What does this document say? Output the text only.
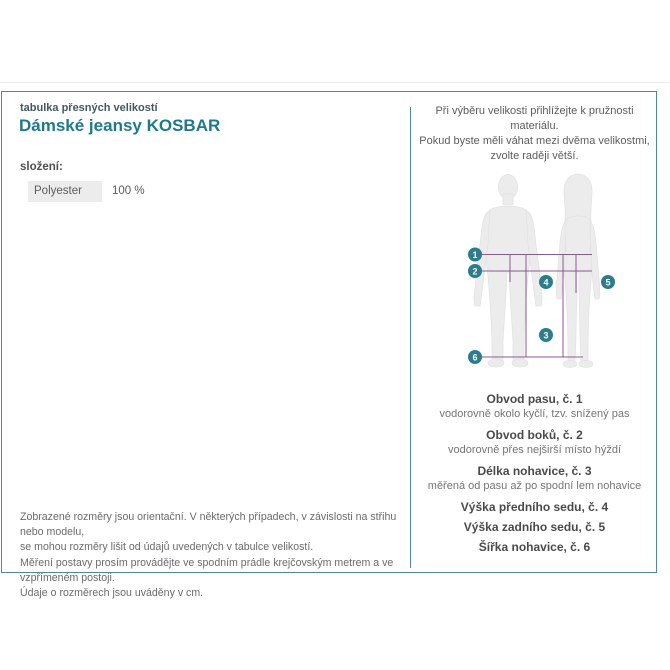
tabulka přesných velikostí
Dámské jeansy KOSBAR
složení:
Polyester	100 %
Zobrazené rozměry jsou orientační. V některých případech, v závislosti na střihu nebo modelu,
se mohou rozměry lišit od údajů uvedených v tabulce velikostí.
Měření postavy prosím provádějte ve spodním prádle krejčovským metrem a ve vzpřímeném postoji.
Údaje o rozměrech jsou uváděny v cm.
Při výběru velikosti přihlížejte k pružnosti materiálu.
Pokud byste měli váhat mezi dvěma velikostmi,
zvolte raději větší.
1
2
4	5
3
6
Obvod pasu, č. 1
vodorovně okolo kyčlí, tzv. snížený pas
Obvod boků, č. 2
vodorovně přes nejširší místo hýždí
Délka nohavice, č. 3
měřená od pasu až po spodní lem nohavice
Výška předního sedu, č. 4
Výška zadního sedu, č. 5
Šířka nohavice, č. 6
